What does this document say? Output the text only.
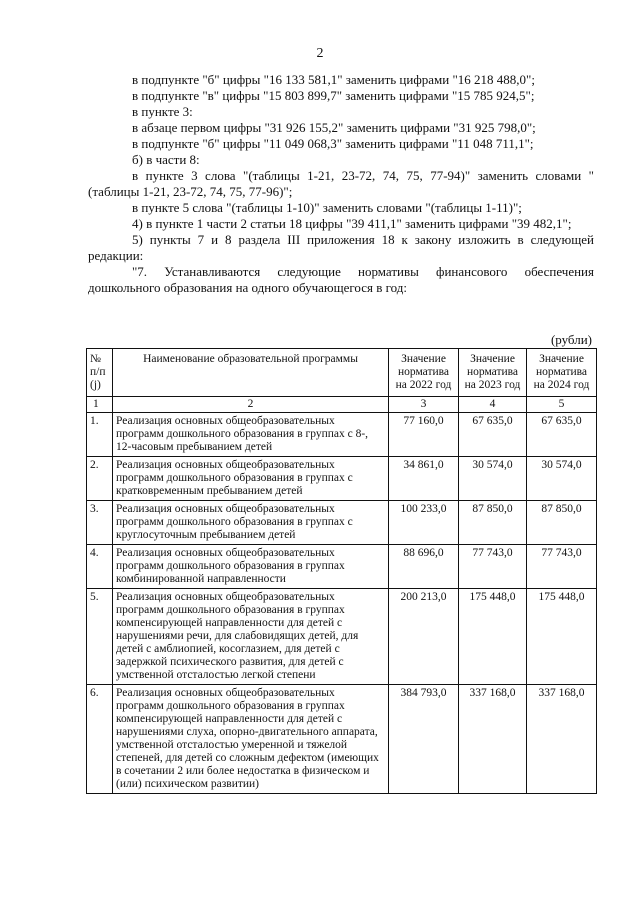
2

в подпункте "б" цифры "16 133 581,1" заменить цифрами "16 218 488,0";

в подпункте "в" цифры "15 803 899,7" заменить цифрами "15 785 924,5";

в пункте 3:

в абзаце первом цифры "31 926 155,2" заменить цифрами "31 925 798,0";

в подпункте "б" цифры "11 049 068,3" заменить цифрами "11 048 711,1";

б) в части 8:

в пункте 3 слова "(таблицы 1-21, 23-72, 74, 75, 77-94)" заменить словами "(таблицы 1-21, 23-72, 74, 75, 77-96)";

в пункте 5 слова "(таблицы 1-10)" заменить словами "(таблицы 1-11)";

4) в пункте 1 части 2 статьи 18 цифры "39 411,1" заменить цифрами "39 482,1";

5) пункты 7 и 8 раздела III приложения 18 к закону изложить в следующей редакции:

"7. Устанавливаются следующие нормативы финансового обеспечения дошкольного образования на одного обучающегося в год:

(рубли)
№ п/п (j)	Наименование образовательной программы	Значение норматива на 2022 год	Значение норматива на 2023 год	Значение норматива на 2024 год
1	2	3	4	5
1.	Реализация основных общеобразовательных программ дошкольного образования в группах с 8-, 12-часовым пребыванием детей	77 160,0	67 635,0	67 635,0
2.	Реализация основных общеобразовательных программ дошкольного образования в группах с кратковременным пребыванием детей	34 861,0	30 574,0	30 574,0
3.	Реализация основных общеобразовательных программ дошкольного образования в группах с круглосуточным пребыванием детей	100 233,0	87 850,0	87 850,0
4.	Реализация основных общеобразовательных программ дошкольного образования в группах комбинированной направленности	88 696,0	77 743,0	77 743,0
5.	Реализация основных общеобразовательных программ дошкольного образования в группах компенсирующей направленности для детей с нарушениями речи, для слабовидящих детей, для детей с амблиопией, косоглазием, для детей с задержкой психического развития, для детей с умственной отсталостью легкой степени	200 213,0	175 448,0	175 448,0
6.	Реализация основных общеобразовательных программ дошкольного образования в группах компенсирующей направленности для детей с нарушениями слуха, опорно-двигательного аппарата, умственной отсталостью умеренной и тяжелой степеней, для детей со сложным дефектом (имеющих в сочетании 2 или более недостатка в физическом и (или) психическом развитии)	384 793,0	337 168,0	337 168,0
